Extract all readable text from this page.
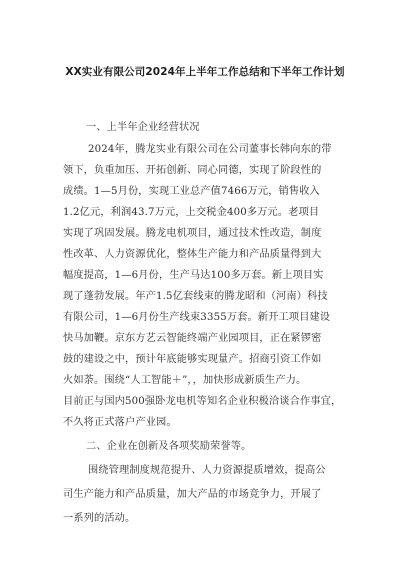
XX实业有限公司2024年上半年工作总结和下半年工作计划
一、上半年企业经营状况
2024年，腾龙实业有限公司在公司董事长韩向东的带
领下，负重加压、开拓创新、同心同德，实现了阶段性的
成绩。1—5月份，实现工业总产值7466万元，销售收入
1.2亿元，利润43.7万元，上交税金400多万元。老项目
实现了巩固发展。腾龙电机项目，通过技术性改造，制度
性改革、人力资源优化，整体生产能力和产品质量得到大
幅度提高，1—6月份，生产马达100多万套。新上项目实
现了蓬勃发展。年产1.5亿套线束的腾龙昭和（河南）科技
有限公司，1—6月份生产线束3355万套。新开工项目建设
快马加鞭。京东方艺云智能终端产业园项目，正在紧锣密
鼓的建设之中，预计年底能够实现量产。招商引资工作如
火如荼。围绕“人工智能＋”，，加快形成新质生产力。
目前正与国内500强卧龙电机等知名企业积极洽谈合作事宜，
不久将正式落户产业园。
二、企业在创新及各项奖励荣誉等。
围绕管理制度规范提升、人力资源提质增效，提高公
司生产能力和产品质量，加大产品的市场竞争力，开展了
一系列的活动。
